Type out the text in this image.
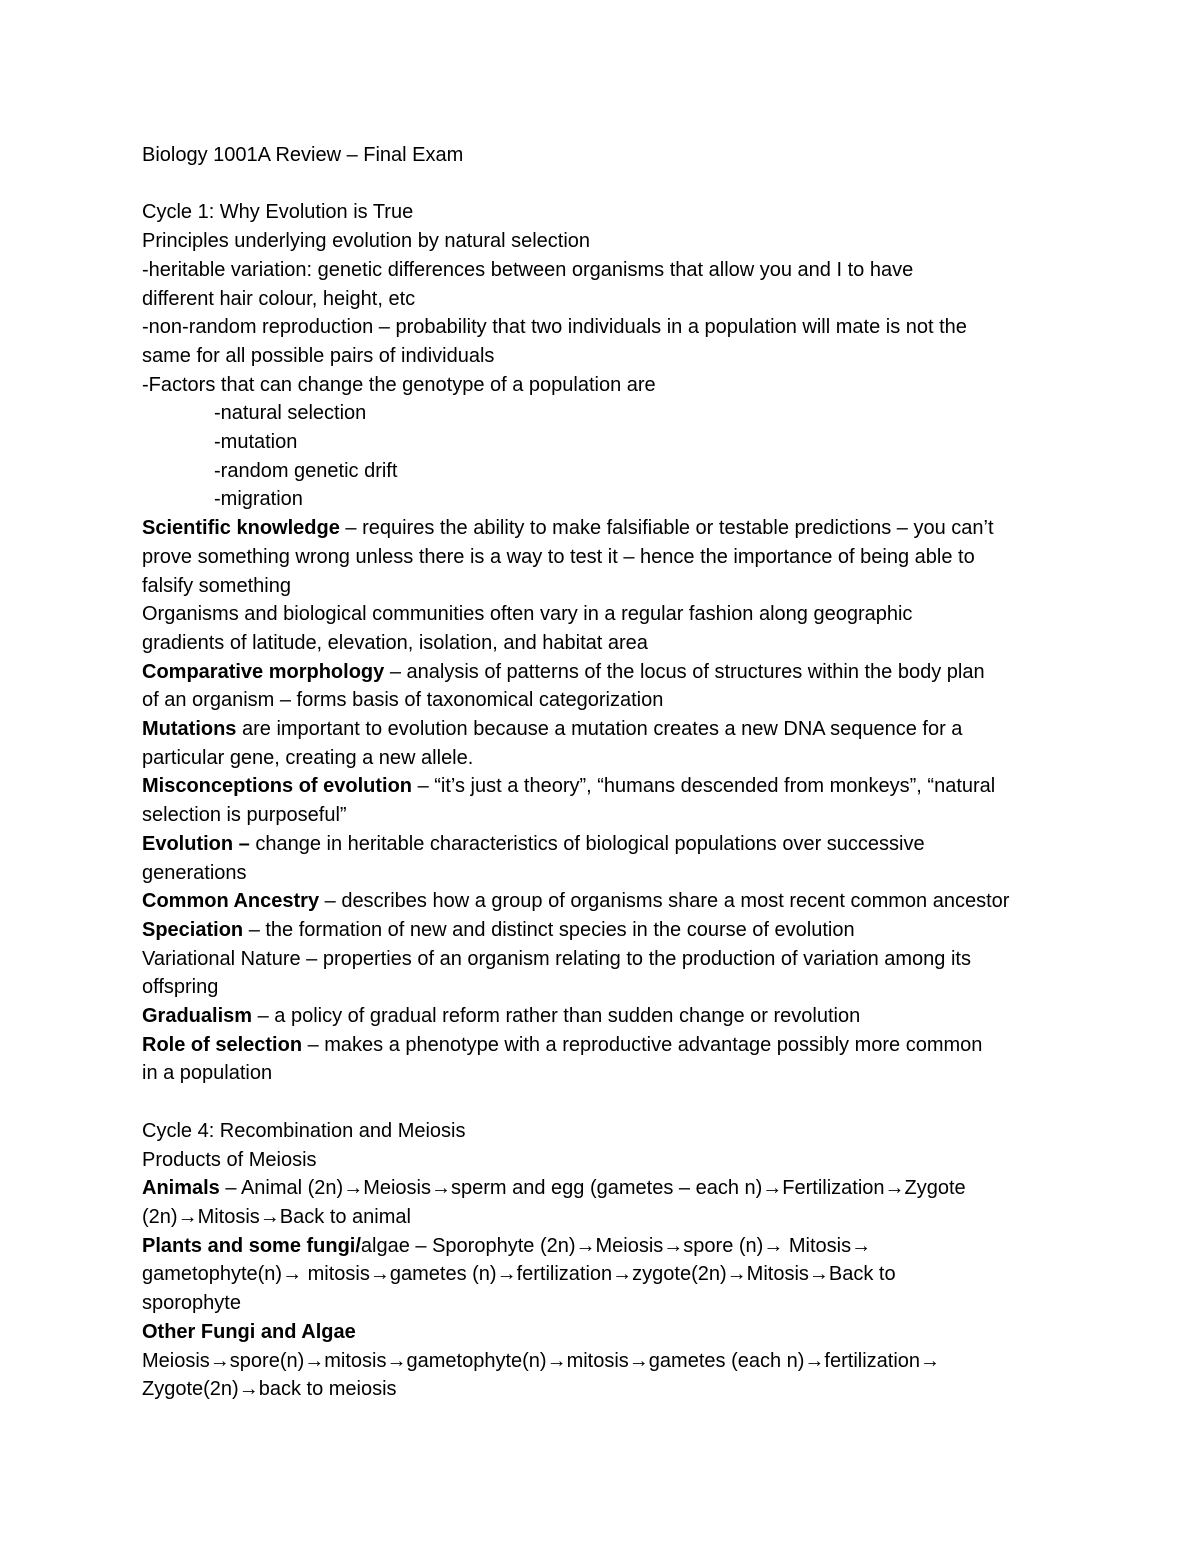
Biology 1001A Review – Final Exam
Cycle 1: Why Evolution is True
Principles underlying evolution by natural selection
-heritable variation: genetic differences between organisms that allow you and I to have
different hair colour, height, etc
-non-random reproduction – probability that two individuals in a population will mate is not the
same for all possible pairs of individuals
-Factors that can change the genotype of a population are
-natural selection
-mutation
-random genetic drift
-migration
Scientific knowledge – requires the ability to make falsifiable or testable predictions – you can’t
prove something wrong unless there is a way to test it – hence the importance of being able to
falsify something
Organisms and biological communities often vary in a regular fashion along geographic
gradients of latitude, elevation, isolation, and habitat area
Comparative morphology – analysis of patterns of the locus of structures within the body plan
of an organism – forms basis of taxonomical categorization
Mutations are important to evolution because a mutation creates a new DNA sequence for a
particular gene, creating a new allele.
Misconceptions of evolution – “it’s just a theory”, “humans descended from monkeys”, “natural
selection is purposeful”
Evolution – change in heritable characteristics of biological populations over successive
generations
Common Ancestry – describes how a group of organisms share a most recent common ancestor
Speciation – the formation of new and distinct species in the course of evolution
Variational Nature – properties of an organism relating to the production of variation among its
offspring
Gradualism – a policy of gradual reform rather than sudden change or revolution
Role of selection – makes a phenotype with a reproductive advantage possibly more common
in a population
Cycle 4: Recombination and Meiosis
Products of Meiosis
Animals – Animal (2n)→Meiosis→sperm and egg (gametes – each n)→Fertilization→Zygote
(2n)→Mitosis→Back to animal
Plants and some fungi/algae – Sporophyte (2n)→Meiosis→spore (n)→ Mitosis→
gametophyte(n)→ mitosis→gametes (n)→fertilization→zygote(2n)→Mitosis→Back to
sporophyte
Other Fungi and Algae
Meiosis→spore(n)→mitosis→gametophyte(n)→mitosis→gametes (each n)→fertilization→
Zygote(2n)→back to meiosis
